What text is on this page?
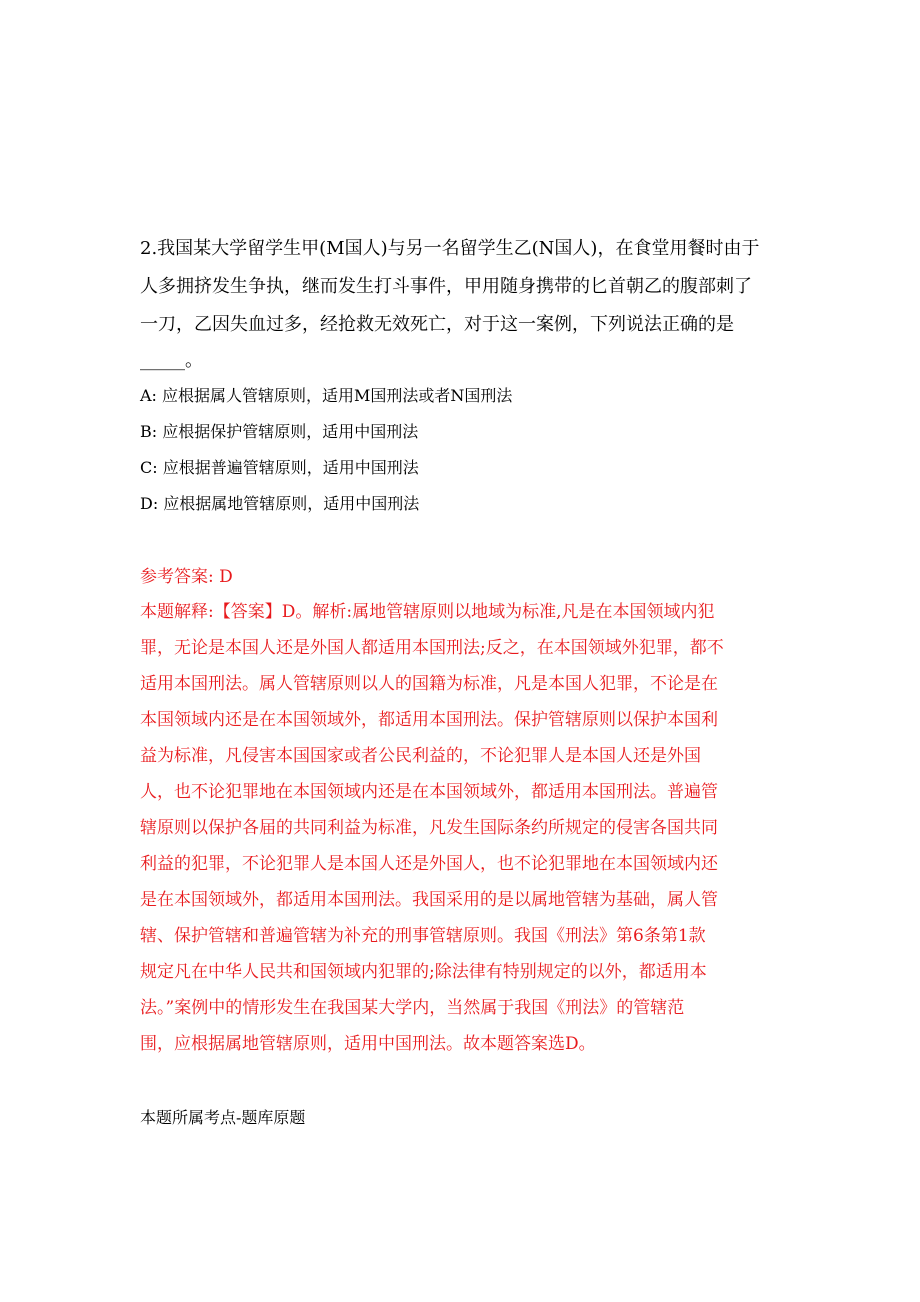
2.我国某大学留学生甲(M国人)与另一名留学生乙(N国人)，在食堂用餐时由于
人多拥挤发生争执，继而发生打斗事件，甲用随身携带的匕首朝乙的腹部刺了
一刀，乙因失血过多，经抢救无效死亡，对于这一案例，下列说法正确的是
_____。
A: 应根据属人管辖原则，适用M国刑法或者N国刑法
B: 应根据保护管辖原则，适用中国刑法
C: 应根据普遍管辖原则，适用中国刑法
D: 应根据属地管辖原则，适用中国刑法
参考答案: D
本题解释:【答案】D。解析:属地管辖原则以地域为标准,凡是在本国领域内犯
罪，无论是本国人还是外国人都适用本国刑法;反之，在本国领域外犯罪，都不
适用本国刑法。属人管辖原则以人的国籍为标准，凡是本国人犯罪，不论是在
本国领域内还是在本国领域外，都适用本国刑法。保护管辖原则以保护本国利
益为标准，凡侵害本国国家或者公民利益的，不论犯罪人是本国人还是外国
人，也不论犯罪地在本国领域内还是在本国领域外，都适用本国刑法。普遍管
辖原则以保护各届的共同利益为标准，凡发生国际条约所规定的侵害各国共同
利益的犯罪，不论犯罪人是本国人还是外国人，也不论犯罪地在本国领域内还
是在本国领域外，都适用本国刑法。我国采用的是以属地管辖为基础，属人管
辖、保护管辖和普遍管辖为补充的刑事管辖原则。我国《刑法》第6条第1款
规定凡在中华人民共和国领域内犯罪的;除法律有特别规定的以外，都适用本
法。”案例中的情形发生在我国某大学内，当然属于我国《刑法》的管辖范
围，应根据属地管辖原则，适用中国刑法。故本题答案选D。
本题所属考点-题库原题
